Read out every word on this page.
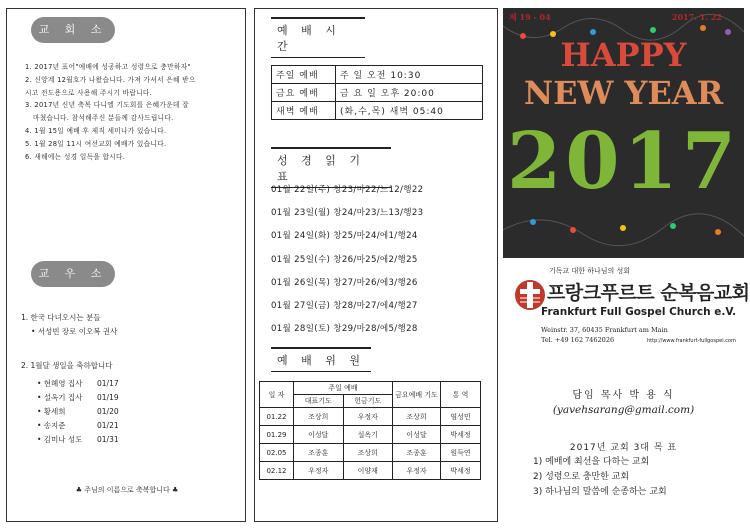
교 회 소 식
1. 2017년 표어"예배에 성공하고 성령으로 충만하자"
2. 신앙계 12월호가 나왔습니다. 가져 가셔서 은혜 받으
시고 전도용으로 사용해 주시기 바랍니다.
3. 2017년 신년 축복 다니엘 기도회를 은혜가운데 잘
마쳤습니다. 참석해주신 분들께 감사드립니다.
4. 1월 15일 예배 후 제직 세미나가 있습니다.
5. 1월 28일 11시 여선교회 예배가 있습니다.
6. 새해에는 성경 일독을 합시다.
교 우 소 식
1. 한국 다녀오시는 분들
• 서성빈 장로 이오복 권사
2. 1월달 생일을 축하합니다
• 현혜영 집사 01/17
• 설옥기 집사 01/19
• 황세희	01/20
• 송지준	01/21
• 김미나 성도 01/31
♣ 주님의 이름으로 축복합니다 ♣
예 배 시 간
주일 예배	주 일 오전 10:30
금요 예배	금 요 일 오후 20:00
새벽 예배	(화,수,목) 새벽 05:40
성 경 읽 기 표
01월 22일(주) 창23/마22/느12/행22
01월 23일(월) 창24/마23/느13/행23
01월 24일(화) 창25/마24/에1/행24
01월 25일(수) 창26/마25/에2/행25
01월 26일(목) 창27/마26/에3/행26
01월 27일(금) 창28/마27/에4/행27
01월 28일(토) 창29/마28/에5/행28
예 배 위 원
일 자	주일 예배		금요예배 기도	통 역
	대표기도	헌금기도		
01.22	조상희	우정자	조상희	염성민
01.29	이성달	설옥기	이성달	박세정
02.05	조종훈	조상희	조종훈	원득연
02.12	우정자	이양재	우정자	박세정
제 19 - 04	2017. 1. 22
HAPPY
NEW YEAR
2017
기독교 대한 하나님의 성회
프랑크푸르트 순복음교회
Frankfurt Full Gospel Church e.V.
Weinstr. 37, 60435 Frankfurt am Main
Tel. +49 162 7462026	http://www.frankfurt-fullgospel.com
담임 목사 박 용 식
(yavehsarang@gmail.com)
2017년 교회 3대 목 표
1) 예배에 최선을 다하는 교회
2) 성령으로 충만한 교회
3) 하나님의 말씀에 순종하는 교회
